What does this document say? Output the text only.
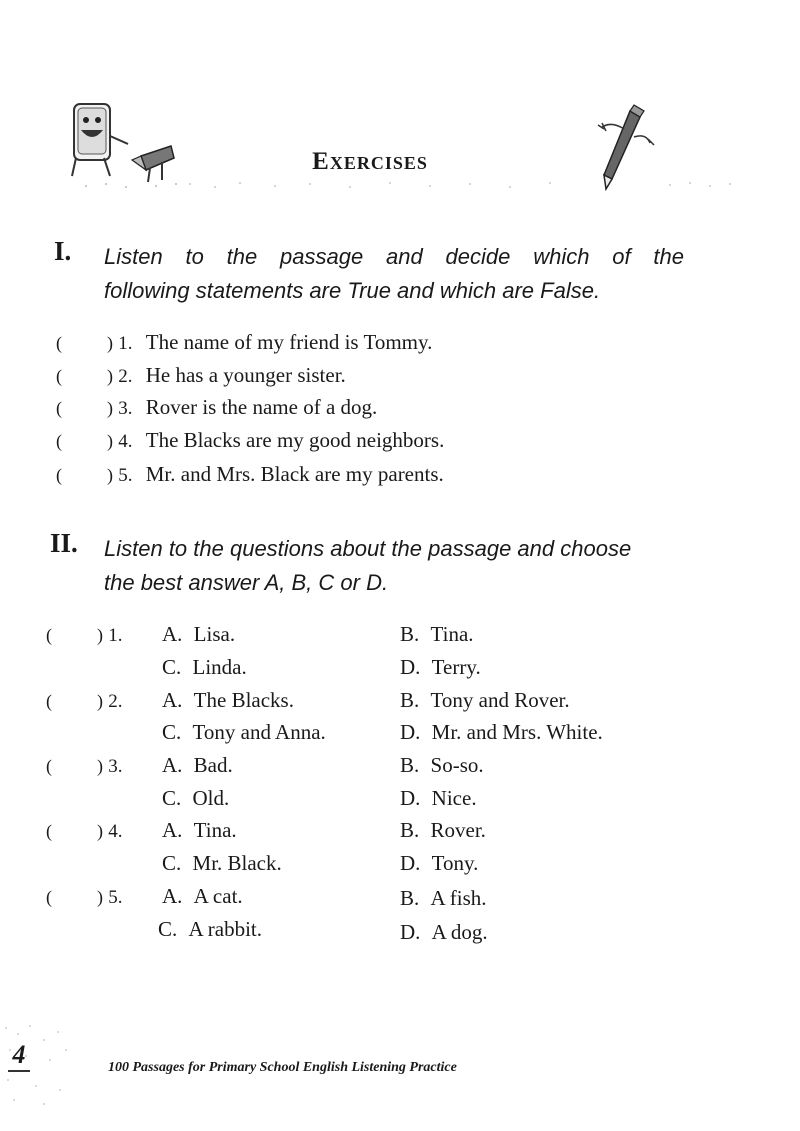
Exercises
I. Listen to the passage and decide which of the
following statements are True and which are False.
(          ) 1. The name of my friend is Tommy.
(          ) 2. He has a younger sister.
(          ) 3. Rover is the name of a dog.
(          ) 4. The Blacks are my good neighbors.
(          ) 5. Mr. and Mrs. Black are my parents.
II. Listen to the questions about the passage and choose
the best answer A, B, C or D.
(          ) 1. A. Lisa.	B. Tina.
C. Linda.	D. Terry.
(          ) 2. A. The Blacks.	B. Tony and Rover.
C. Tony and Anna.	D. Mr. and Mrs. White.
(          ) 3. A. Bad.	B. So-so.
C. Old.	D. Nice.
(          ) 4. A. Tina.	B. Rover.
C. Mr. Black.	D. Tony.
(          ) 5. A. A cat.	B. A fish.
C. A rabbit.	D. A dog.
4	100 Passages for Primary School English Listening Practice
